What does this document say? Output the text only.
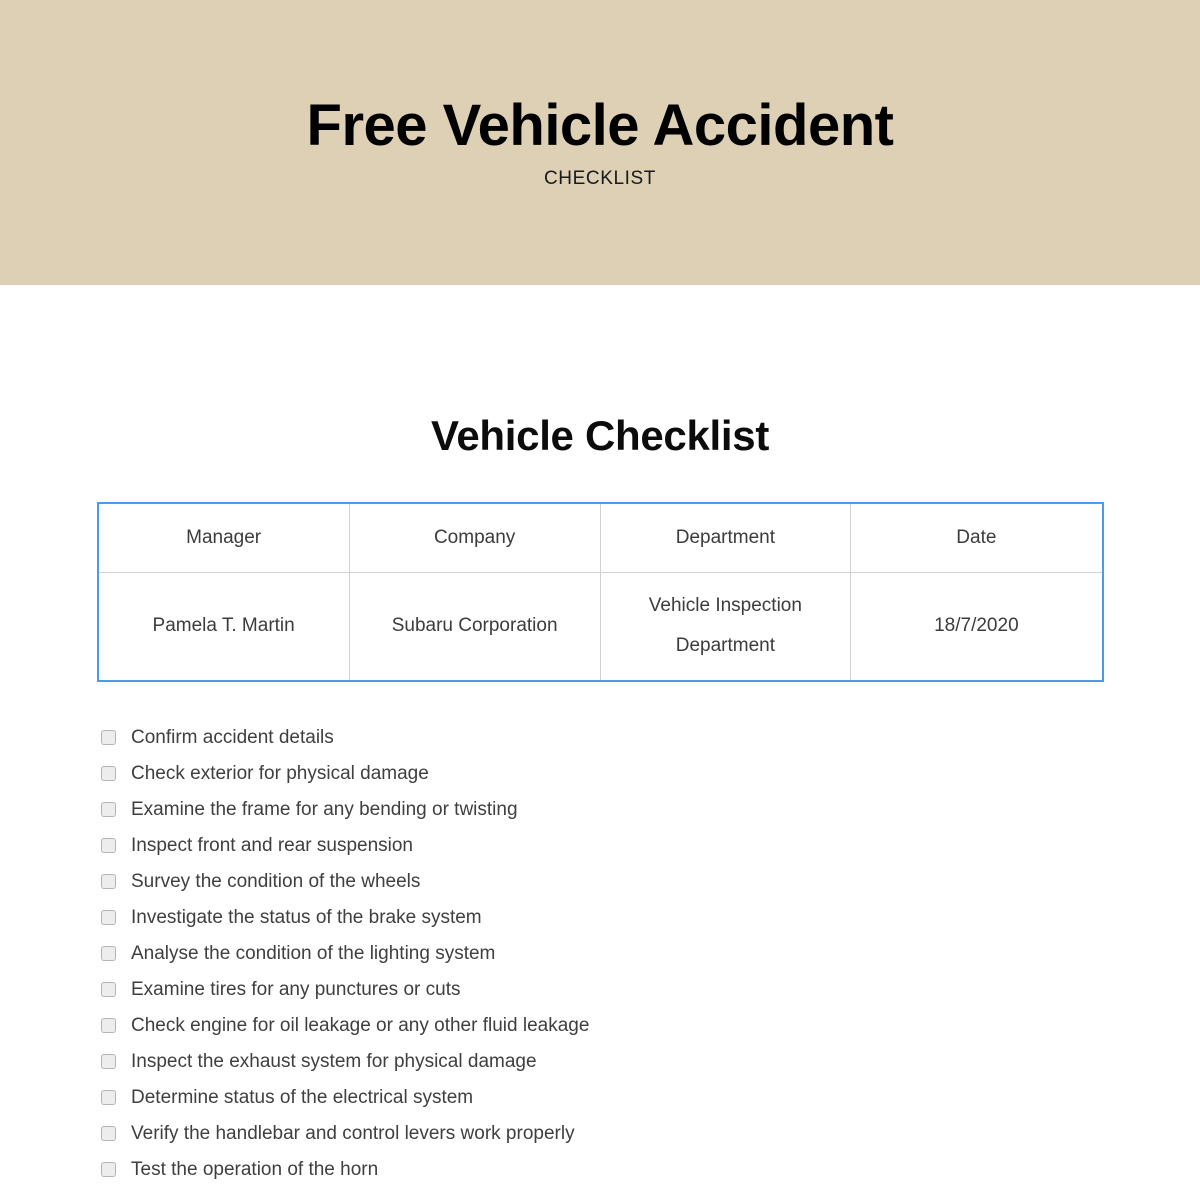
Free Vehicle Accident
CHECKLIST
Vehicle Checklist
Manager	Company	Department	Date
Pamela T. Martin	Subaru Corporation	Vehicle Inspection Department	18/7/2020
Confirm accident details
Check exterior for physical damage
Examine the frame for any bending or twisting
Inspect front and rear suspension
Survey the condition of the wheels
Investigate the status of the brake system
Analyse the condition of the lighting system
Examine tires for any punctures or cuts
Check engine for oil leakage or any other fluid leakage
Inspect the exhaust system for physical damage
Determine status of the electrical system
Verify the handlebar and control levers work properly
Test the operation of the horn
